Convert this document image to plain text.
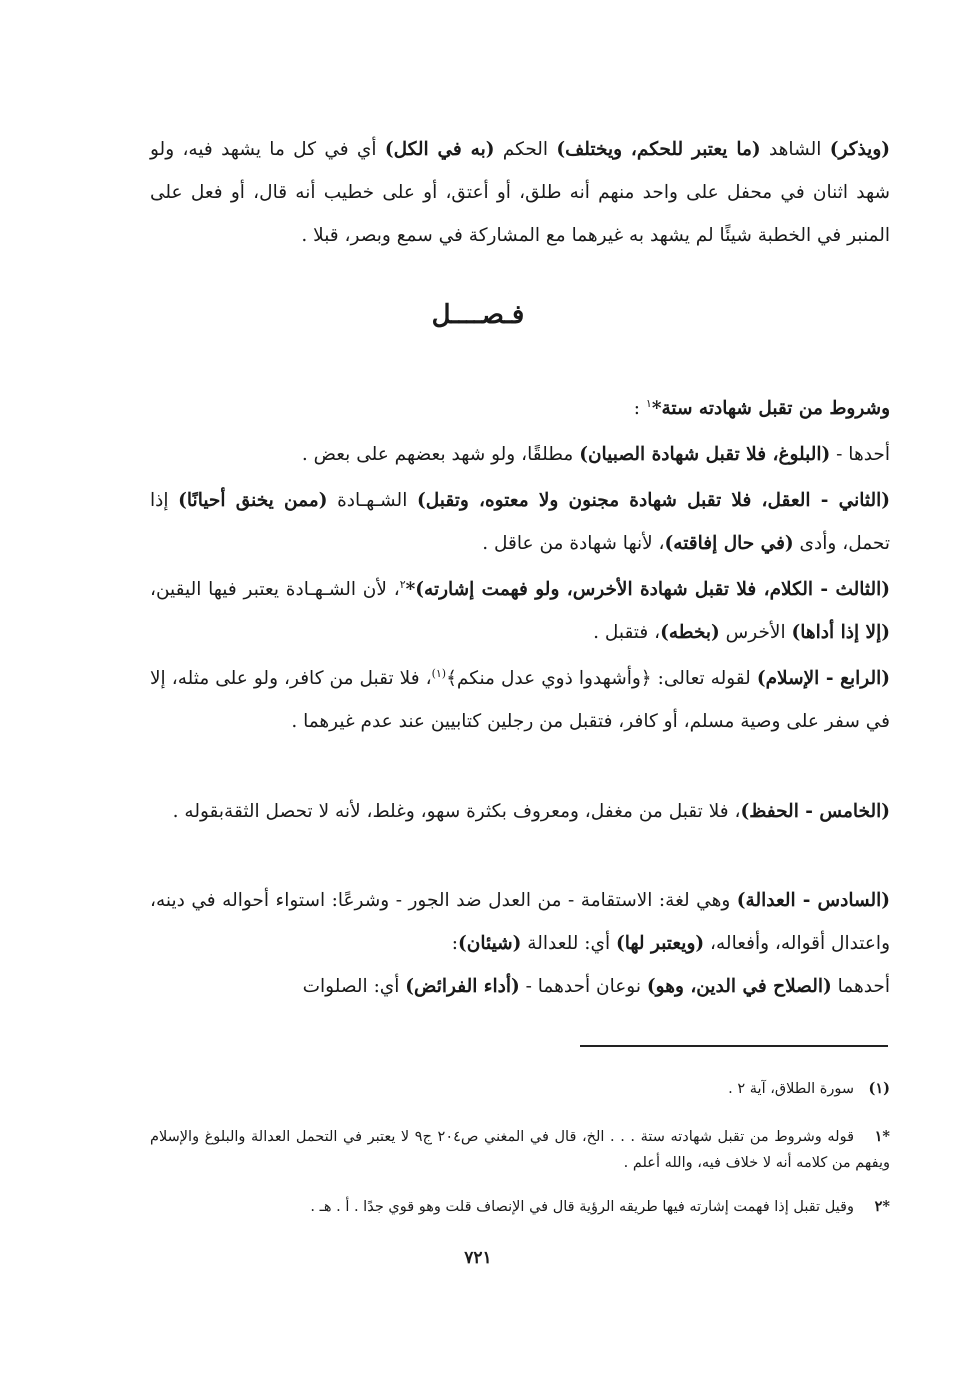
(ويذكر) الشاهد (ما يعتبر للحكم، ويختلف) الحكم (به في الكل) أي في كل ما يشهد فيه، ولو شهد اثنان في محفل على واحد منهم أنه طلق، أو أعتق، أو على خطيب أنه قال، أو فعل على المنبر في الخطبة شيئًا لم يشهد به غيرهما مع المشاركة في سمع وبصر، قبلا .

فـصــــل

وشروط من تقبل شهادته ستة*$^١$ :

أحدها - (البلوغ، فلا تقبل شهادة الصبيان) مطلقًا، ولو شهد بعضهم على بعض .

(الثاني - العقل، فلا تقبل شهادة مجنون ولا معتوه، وتقبل) الشـهـادة (ممن يخنق أحيانًا) إذا تحمل، وأدى (في حال إفاقته)، لأنها شهادة من عاقل .

(الثالث - الكلام، فلا تقبل شهادة الأخرس، ولو فهمت إشارته)*$^٢$، لأن الشـهـادة يعتبر فيها اليقين، (إلا إذا أداها) الأخرس (بخطه)، فتقبل .

(الرابع - الإسلام) لقوله تعالى: ﴿وأشهدوا ذوي عدل منكم﴾$^{(١)}$، فلا تقبل من كافر، ولو على مثله، إلا في سفر على وصية مسلم، أو كافر، فتقبل من رجلين كتابيين عند عدم غيرهما .

(الخامس - الحفظ)، فلا تقبل من مغفل، ومعروف بكثرة سهو، وغلط، لأنه لا تحصل الثقةبقوله .

(السادس - العدالة) وهي لغة: الاستقامة - من العدل ضد الجور - وشرعًا: استواء أحواله في دينه، واعتدال أقواله، وأفعاله، (ويعتبر لها) أي: للعدالة (شيئان):

أحدهما (الصلاح في الدين، وهو) نوعان أحدهما - (أداء الفرائض) أي: الصلوات

(١)سورة الطلاق، آية ٢ .

*١قوله وشروط من تقبل شهادته ستة . . . الخ، قال في المغني ص٢٠٤ ج٩ لا يعتبر في التحمل العدالة والبلوغ والإسلام ويفهم من كلامه أنه لا خلاف فيه، والله أعلم .

*٢وقيل تقبل إذا فهمت إشارته فيها طريقه الرؤية قال في الإنصاف قلت وهو قوي جدًا . أ . هـ .

٧٢١
